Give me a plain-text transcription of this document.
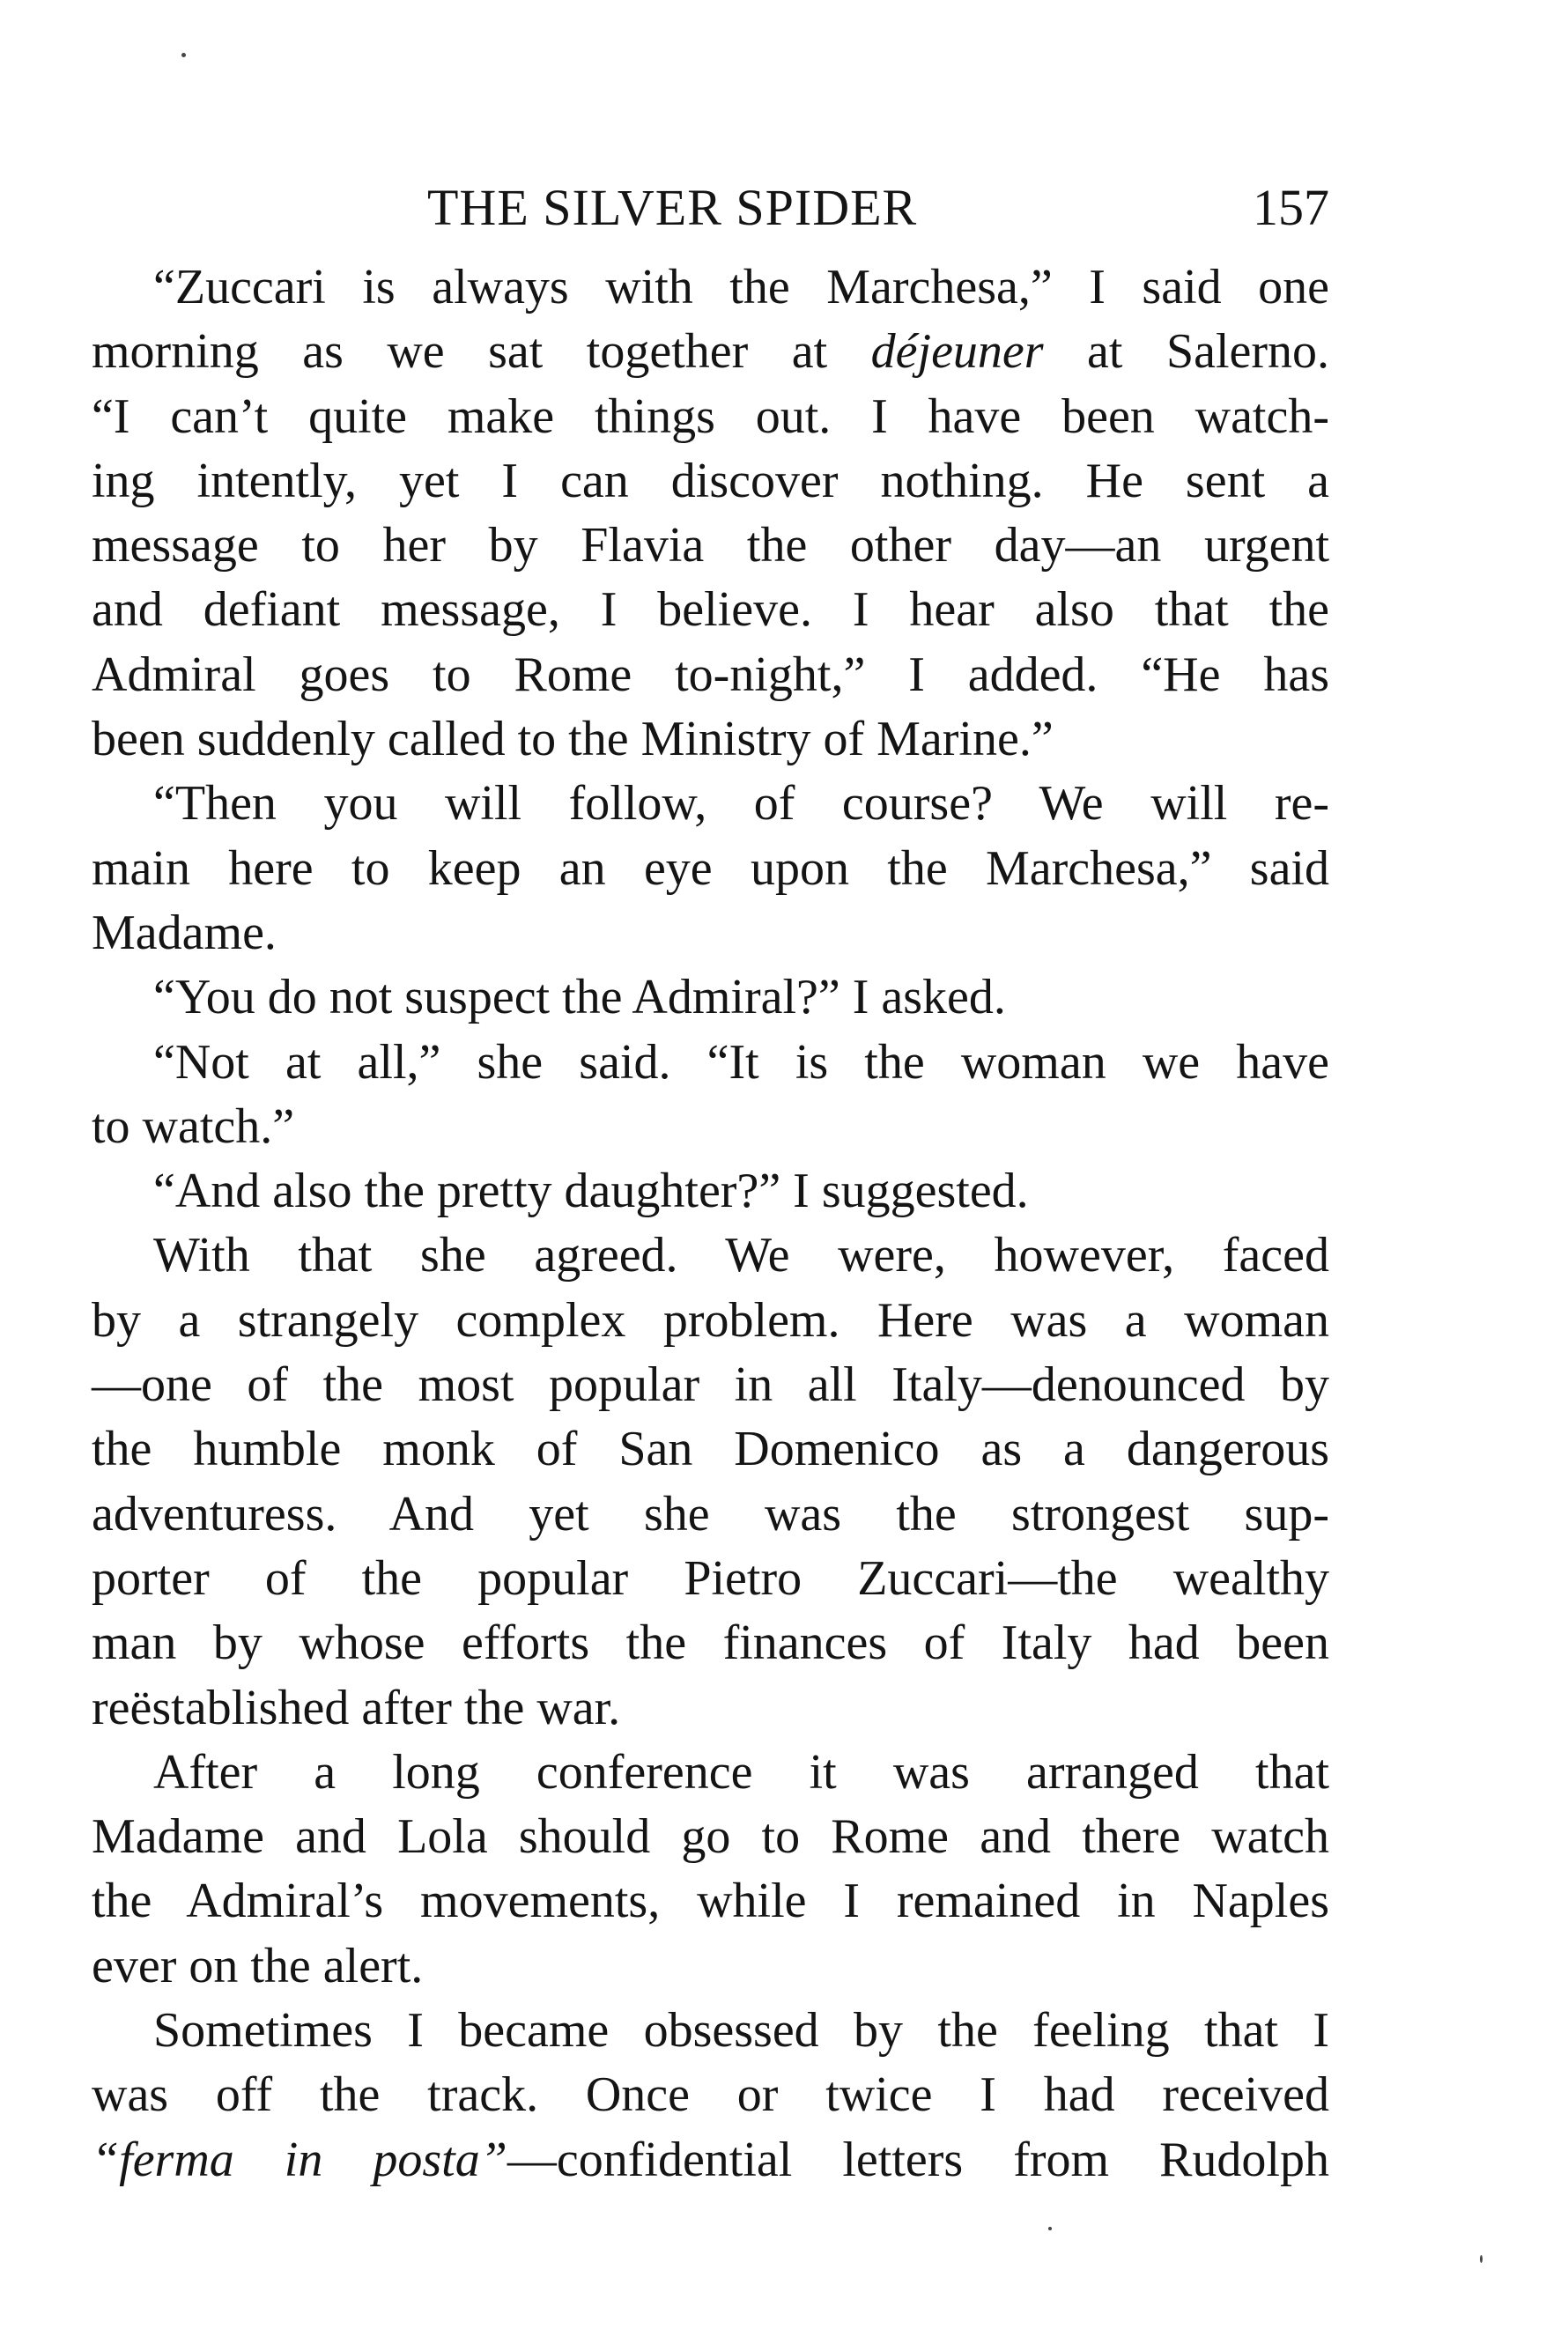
THE SILVER SPIDER	157
“Zuccari is always with the Marchesa,” I said one
morning as we sat together at déjeuner at Salerno.
“I can’t quite make things out. I have been watch-
ing intently, yet I can discover nothing. He sent a
message to her by Flavia the other day—an urgent
and defiant message, I believe. I hear also that the
Admiral goes to Rome to-night,” I added. “He has
been suddenly called to the Ministry of Marine.”
“Then you will follow, of course? We will re-
main here to keep an eye upon the Marchesa,” said
Madame.
“You do not suspect the Admiral?” I asked.
“Not at all,” she said. “It is the woman we have
to watch.”
“And also the pretty daughter?” I suggested.
With that she agreed. We were, however, faced
by a strangely complex problem. Here was a woman
—one of the most popular in all Italy—denounced by
the humble monk of San Domenico as a dangerous
adventuress. And yet she was the strongest sup-
porter of the popular Pietro Zuccari—the wealthy
man by whose efforts the finances of Italy had been
reëstablished after the war.
After a long conference it was arranged that
Madame and Lola should go to Rome and there watch
the Admiral’s movements, while I remained in Naples
ever on the alert.
Sometimes I became obsessed by the feeling that I
was off the track. Once or twice I had received
“ferma in posta”—confidential letters from Rudolph
